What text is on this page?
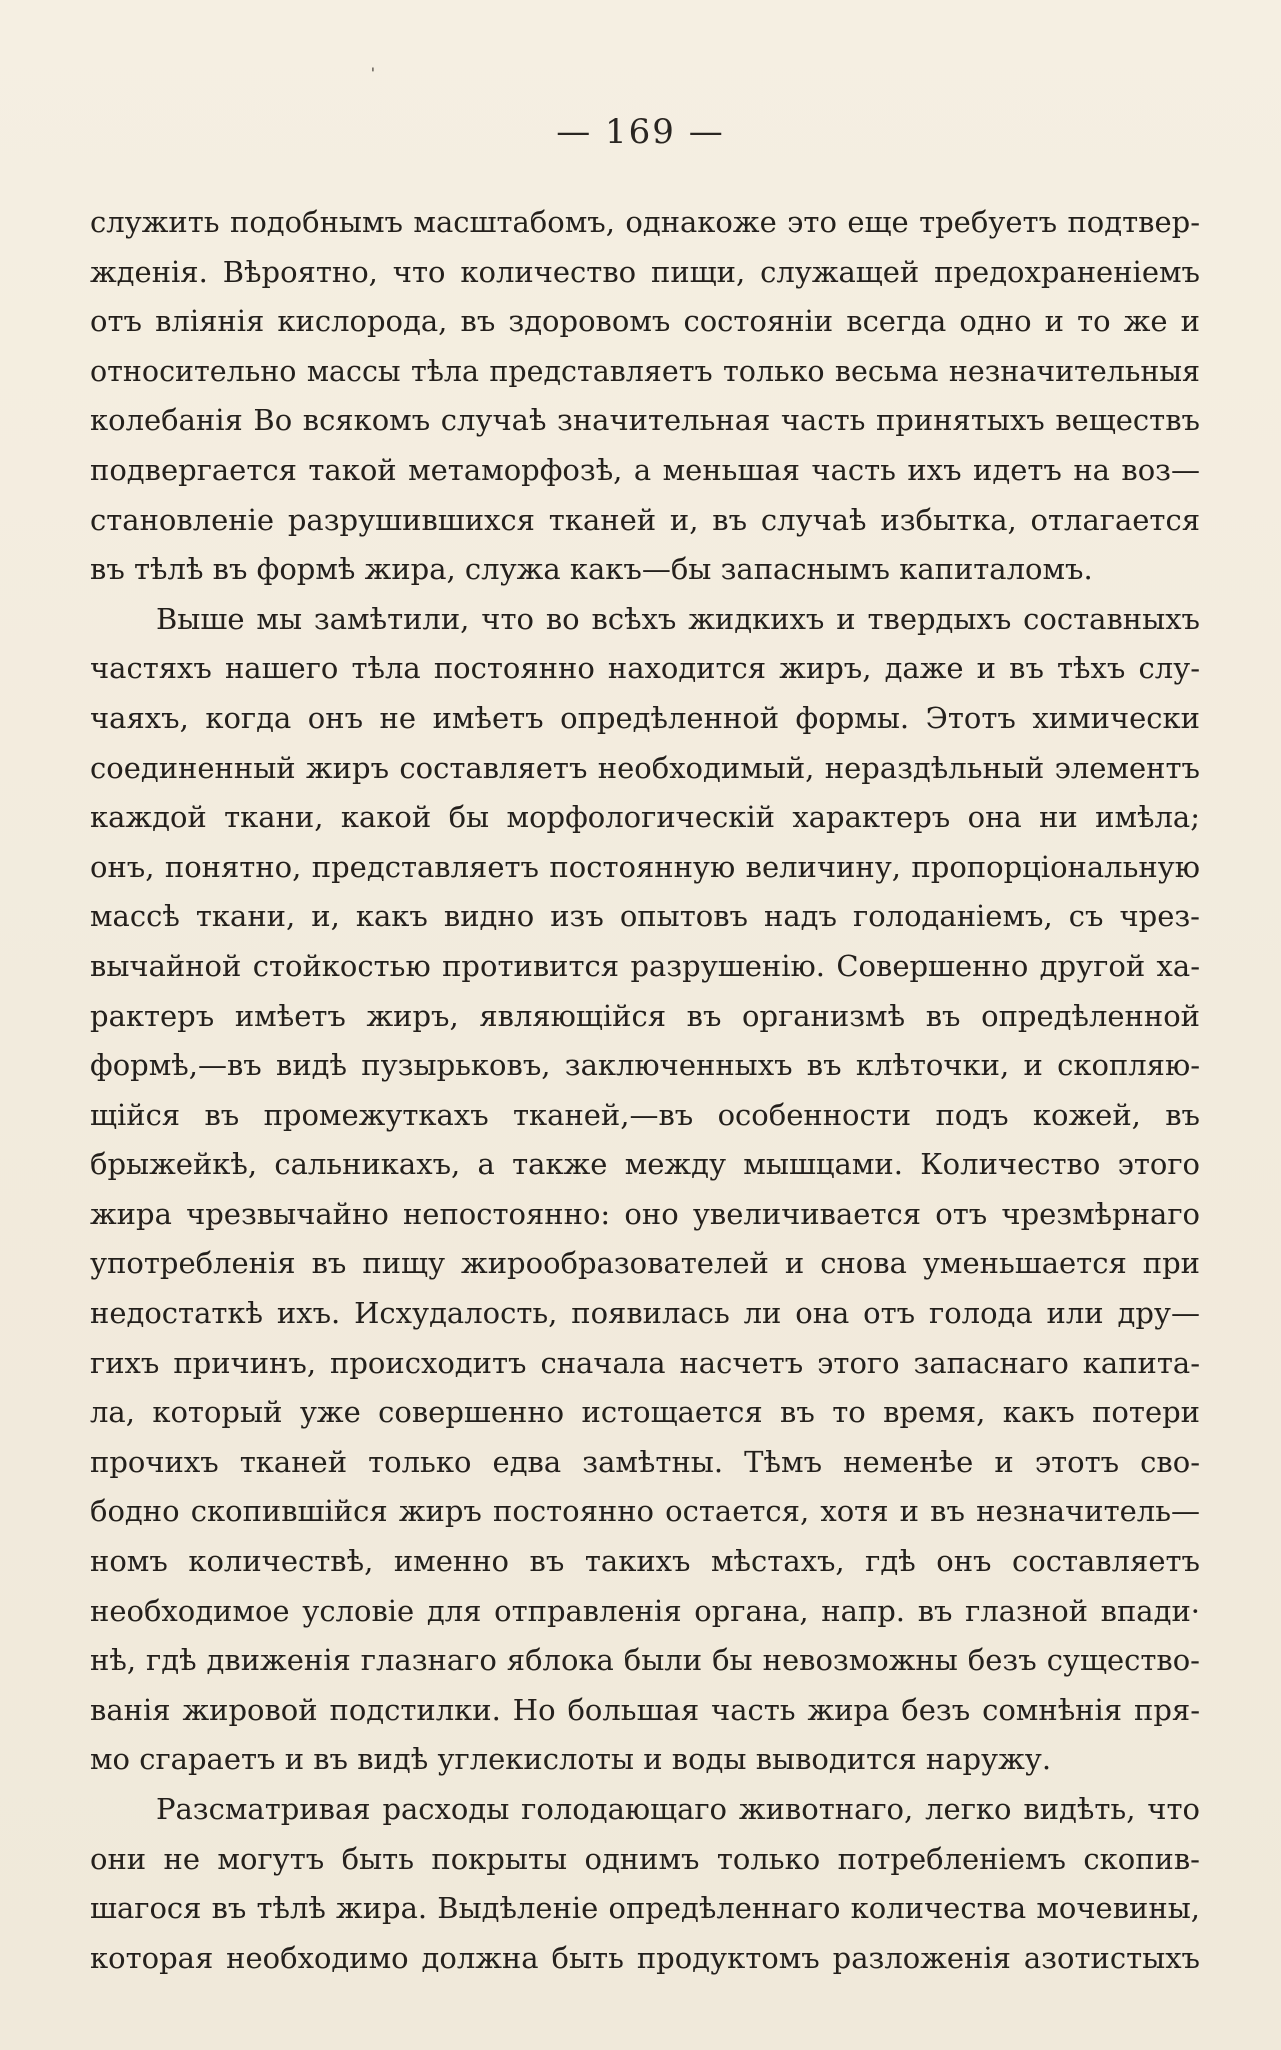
'
— 169 —
служить подобнымъ масштабомъ, однакоже это еще требуетъ подтвер-
жденія. Вѣроятно, что количество пищи, служащей предохраненіемъ
отъ вліянія кислорода, въ здоровомъ состояніи всегда одно и то же и
относительно массы тѣла представляетъ только весьма незначительныя
колебанія Во всякомъ случаѣ значительная часть принятыхъ веществъ
подвергается такой метаморфозѣ, а меньшая часть ихъ идетъ на воз—
становленіе разрушившихся тканей и, въ случаѣ избытка, отлагается
въ тѣлѣ въ формѣ жира, служа какъ—бы запаснымъ капиталомъ.
Выше мы замѣтили, что во всѣхъ жидкихъ и твердыхъ составныхъ
частяхъ нашего тѣла постоянно находится жиръ, даже и въ тѣхъ слу-
чаяхъ, когда онъ не имѣетъ опредѣленной формы. Этотъ химически
соединенный жиръ составляетъ необходимый, нераздѣльный элементъ
каждой ткани, какой бы морфологическій характеръ она ни имѣла;
онъ, понятно, представляетъ постоянную величину, пропорціональную
массѣ ткани, и, какъ видно изъ опытовъ надъ голоданіемъ, съ чрез-
вычайной стойкостью противится разрушенію. Совершенно другой ха-
рактеръ имѣетъ жиръ, являющійся въ организмѣ въ опредѣленной
формѣ,—въ видѣ пузырьковъ, заключенныхъ въ клѣточки, и скопляю-
щійся въ промежуткахъ тканей,—въ особенности подъ кожей, въ
брыжейкѣ, сальникахъ, а также между мышцами. Количество этого
жира чрезвычайно непостоянно: оно увеличивается отъ чрезмѣрнаго
употребленія въ пищу жирообразователей и снова уменьшается при
недостаткѣ ихъ. Исхудалость, появилась ли она отъ голода или дру—
гихъ причинъ, происходитъ сначала насчетъ этого запаснаго капита-
ла, который уже совершенно истощается въ то время, какъ потери
прочихъ тканей только едва замѣтны. Тѣмъ неменѣе и этотъ сво-
бодно скопившійся жиръ постоянно остается, хотя и въ незначитель—
номъ количествѣ, именно въ такихъ мѣстахъ, гдѣ онъ составляетъ
необходимое условіе для отправленія органа, напр. въ глазной впади·
нѣ, гдѣ движенія глазнаго яблока были бы невозможны безъ существо-
ванія жировой подстилки. Но большая часть жира безъ сомнѣнія пря-
мо сгараетъ и въ видѣ углекислоты и воды выводится наружу.
Разсматривая расходы голодающаго животнаго, легко видѣть, что
они не могутъ быть покрыты однимъ только потребленіемъ скопив-
шагося въ тѣлѣ жира. Выдѣленіе опредѣленнаго количества мочевины,
которая необходимо должна быть продуктомъ разложенія азотистыхъ
